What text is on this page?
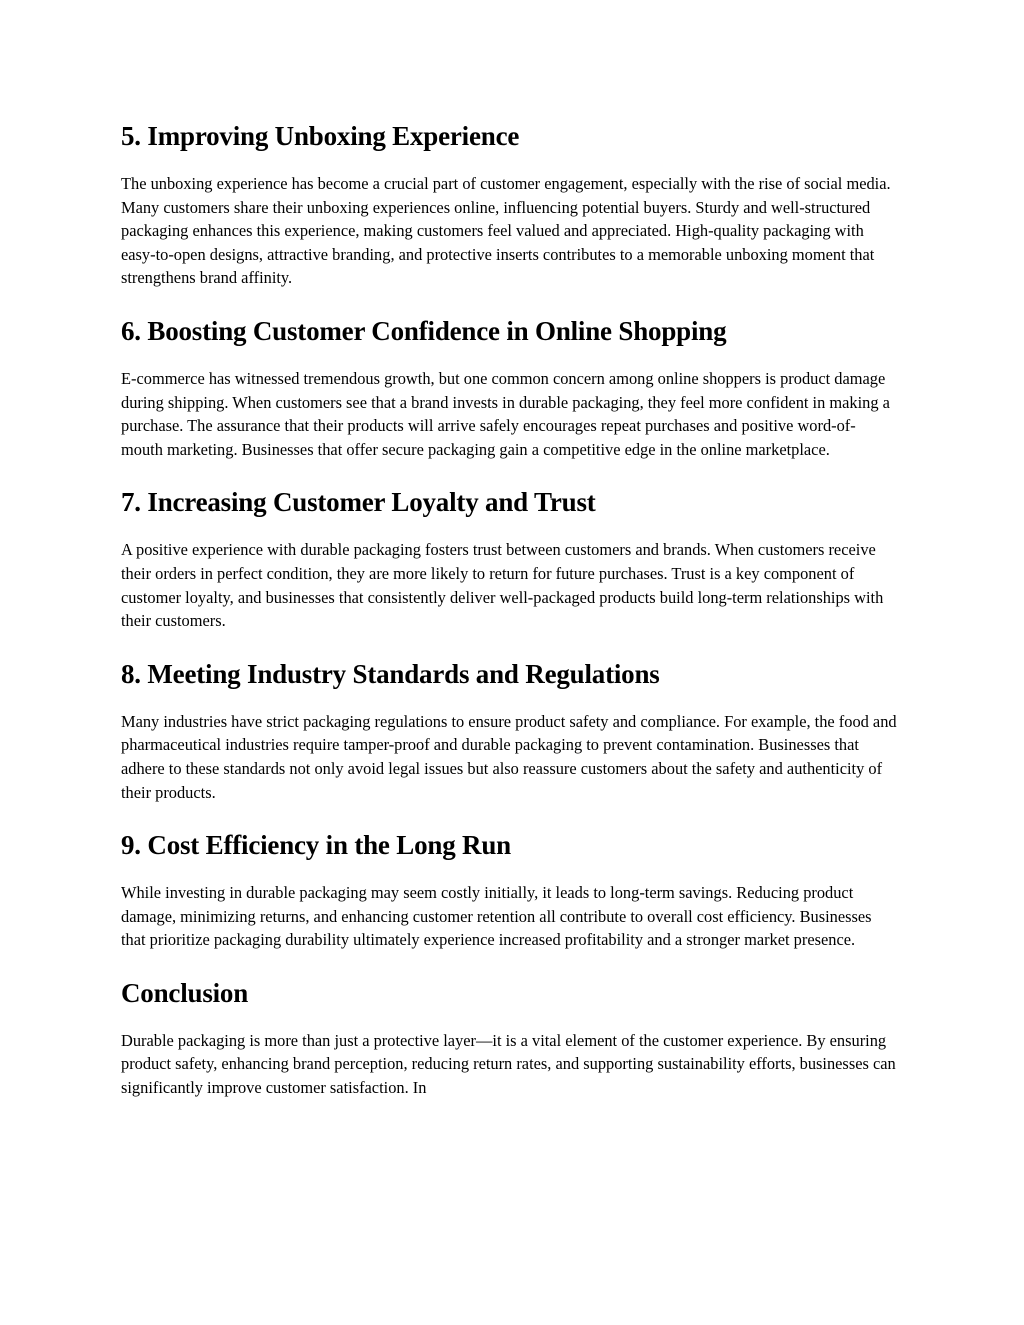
5. Improving Unboxing Experience

The unboxing experience has become a crucial part of customer engagement, especially with the rise of social media. Many customers share their unboxing experiences online, influencing potential buyers. Sturdy and well-structured packaging enhances this experience, making customers feel valued and appreciated. High-quality packaging with easy-to-open designs, attractive branding, and protective inserts contributes to a memorable unboxing moment that strengthens brand affinity.

6. Boosting Customer Confidence in Online Shopping

E-commerce has witnessed tremendous growth, but one common concern among online shoppers is product damage during shipping. When customers see that a brand invests in durable packaging, they feel more confident in making a purchase. The assurance that their products will arrive safely encourages repeat purchases and positive word-of-mouth marketing. Businesses that offer secure packaging gain a competitive edge in the online marketplace.

7. Increasing Customer Loyalty and Trust

A positive experience with durable packaging fosters trust between customers and brands. When customers receive their orders in perfect condition, they are more likely to return for future purchases. Trust is a key component of customer loyalty, and businesses that consistently deliver well-packaged products build long-term relationships with their customers.

8. Meeting Industry Standards and Regulations

Many industries have strict packaging regulations to ensure product safety and compliance. For example, the food and pharmaceutical industries require tamper-proof and durable packaging to prevent contamination. Businesses that adhere to these standards not only avoid legal issues but also reassure customers about the safety and authenticity of their products.

9. Cost Efficiency in the Long Run

While investing in durable packaging may seem costly initially, it leads to long-term savings. Reducing product damage, minimizing returns, and enhancing customer retention all contribute to overall cost efficiency. Businesses that prioritize packaging durability ultimately experience increased profitability and a stronger market presence.

Conclusion

Durable packaging is more than just a protective layer—it is a vital element of the customer experience. By ensuring product safety, enhancing brand perception, reducing return rates, and supporting sustainability efforts, businesses can significantly improve customer satisfaction. In
